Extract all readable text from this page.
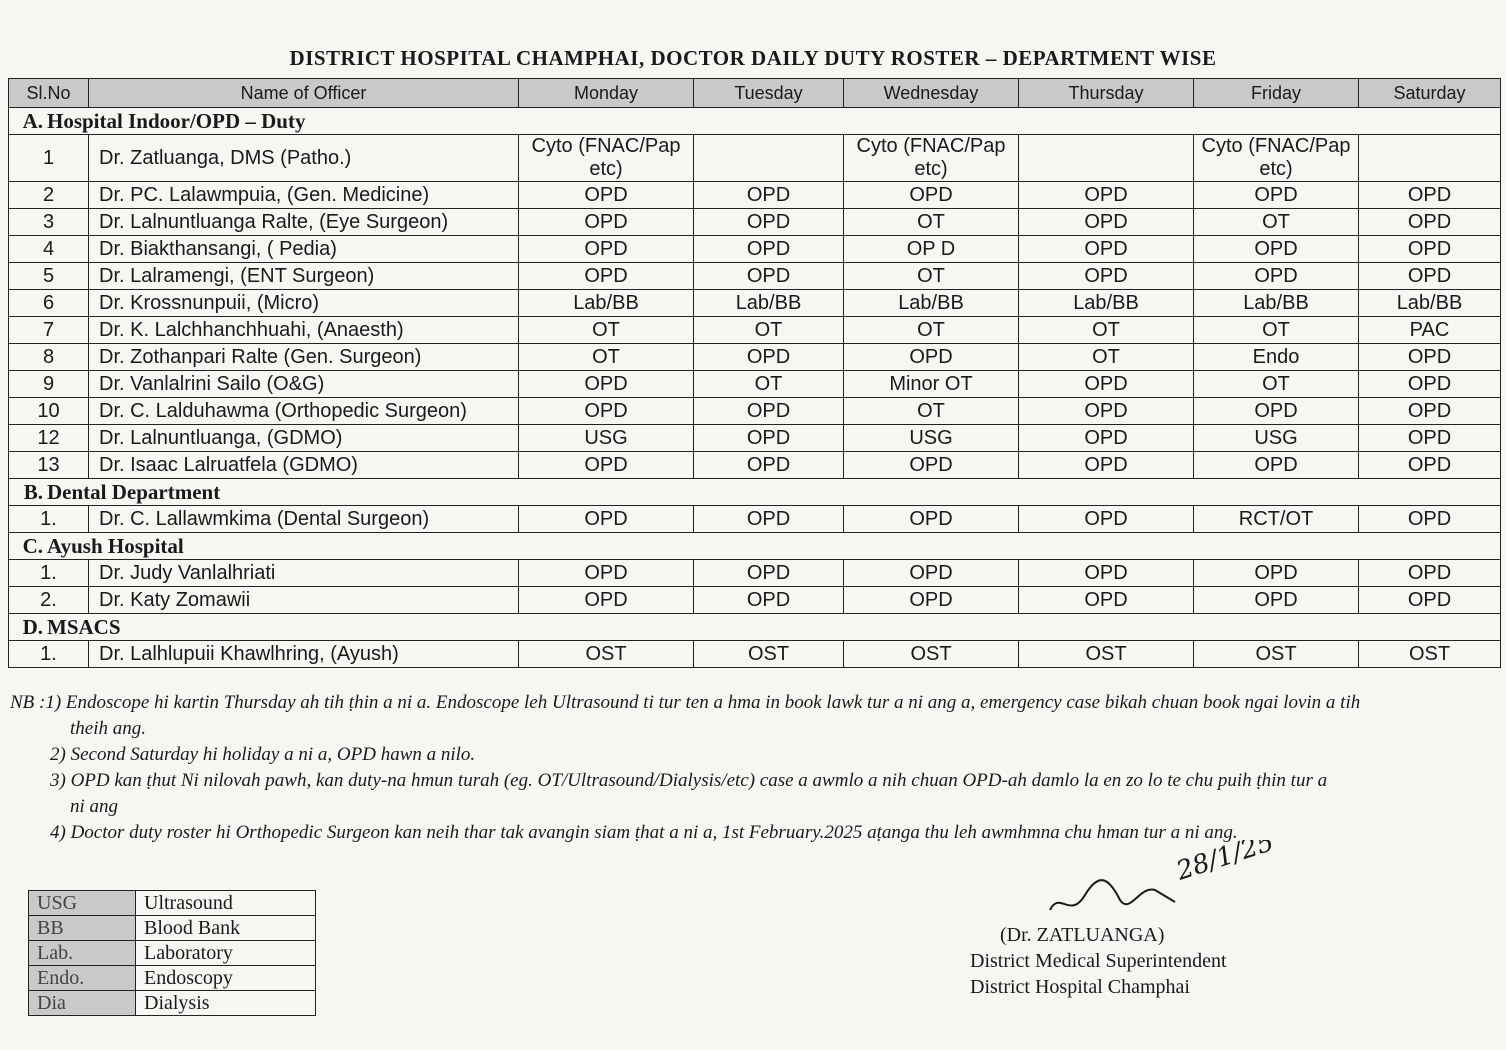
DISTRICT HOSPITAL CHAMPHAI, DOCTOR DAILY DUTY ROSTER – DEPARTMENT WISE
Sl.No	Name of Officer	Monday	Tuesday	Wednesday	Thursday	Friday	Saturday
A. Hospital Indoor/OPD – Duty							
1	Dr. Zatluanga, DMS (Patho.)	Cyto (FNAC/Pap etc)		Cyto (FNAC/Pap etc)		Cyto (FNAC/Pap etc)	
2	Dr. PC. Lalawmpuia, (Gen. Medicine)	OPD	OPD	OPD	OPD	OPD	OPD
3	Dr. Lalnuntluanga Ralte, (Eye Surgeon)	OPD	OPD	OT	OPD	OT	OPD
4	Dr. Biakthansangi, ( Pedia)	OPD	OPD	OP D	OPD	OPD	OPD
5	Dr. Lalramengi, (ENT Surgeon)	OPD	OPD	OT	OPD	OPD	OPD
6	Dr. Krossnunpuii, (Micro)	Lab/BB	Lab/BB	Lab/BB	Lab/BB	Lab/BB	Lab/BB
7	Dr. K. Lalchhanchhuahi, (Anaesth)	OT	OT	OT	OT	OT	PAC
8	Dr. Zothanpari Ralte (Gen. Surgeon)	OT	OPD	OPD	OT	Endo	OPD
9	Dr. Vanlalrini Sailo (O&G)	OPD	OT	Minor OT	OPD	OT	OPD
10	Dr. C. Lalduhawma (Orthopedic Surgeon)	OPD	OPD	OT	OPD	OPD	OPD
12	Dr. Lalnuntluanga, (GDMO)	USG	OPD	USG	OPD	USG	OPD
13	Dr. Isaac Lalruatfela (GDMO)	OPD	OPD	OPD	OPD	OPD	OPD
B. Dental Department							
1.	Dr. C. Lallawmkima (Dental Surgeon)	OPD	OPD	OPD	OPD	RCT/OT	OPD
C. Ayush Hospital							
1.	Dr. Judy Vanlalhriati	OPD	OPD	OPD	OPD	OPD	OPD
2.	Dr. Katy Zomawii	OPD	OPD	OPD	OPD	OPD	OPD
D. MSACS							
1.	Dr. Lalhlupuii Khawlhring, (Ayush)	OST	OST	OST	OST	OST	OST

NB :1) Endoscope hi kartin Thursday ah tih ṭhin a ni a. Endoscope leh Ultrasound ti tur ten a hma in book lawk tur a ni ang a, emergency case bikah chuan book ngai lovin a tih

theih ang.

2) Second Saturday hi holiday a ni a, OPD hawn a nilo.

3) OPD kan ṭhut Ni nilovah pawh, kan duty-na hmun turah (eg. OT/Ultrasound/Dialysis/etc) case a awmlo a nih chuan OPD-ah damlo la en zo lo te chu puih ṭhin tur a

ni ang

4) Doctor duty roster hi Orthopedic Surgeon kan neih thar tak avangin siam ṭhat a ni a, 1st February.2025 aṭanga thu leh awmhmna chu hman tur a ni ang.

USG	Ultrasound
BB	Blood Bank
Lab.	Laboratory
Endo.	Endoscopy
Dia	Dialysis
28/1/25
(Dr. ZATLUANGA)
District Medical Superintendent
District Hospital Champhai
